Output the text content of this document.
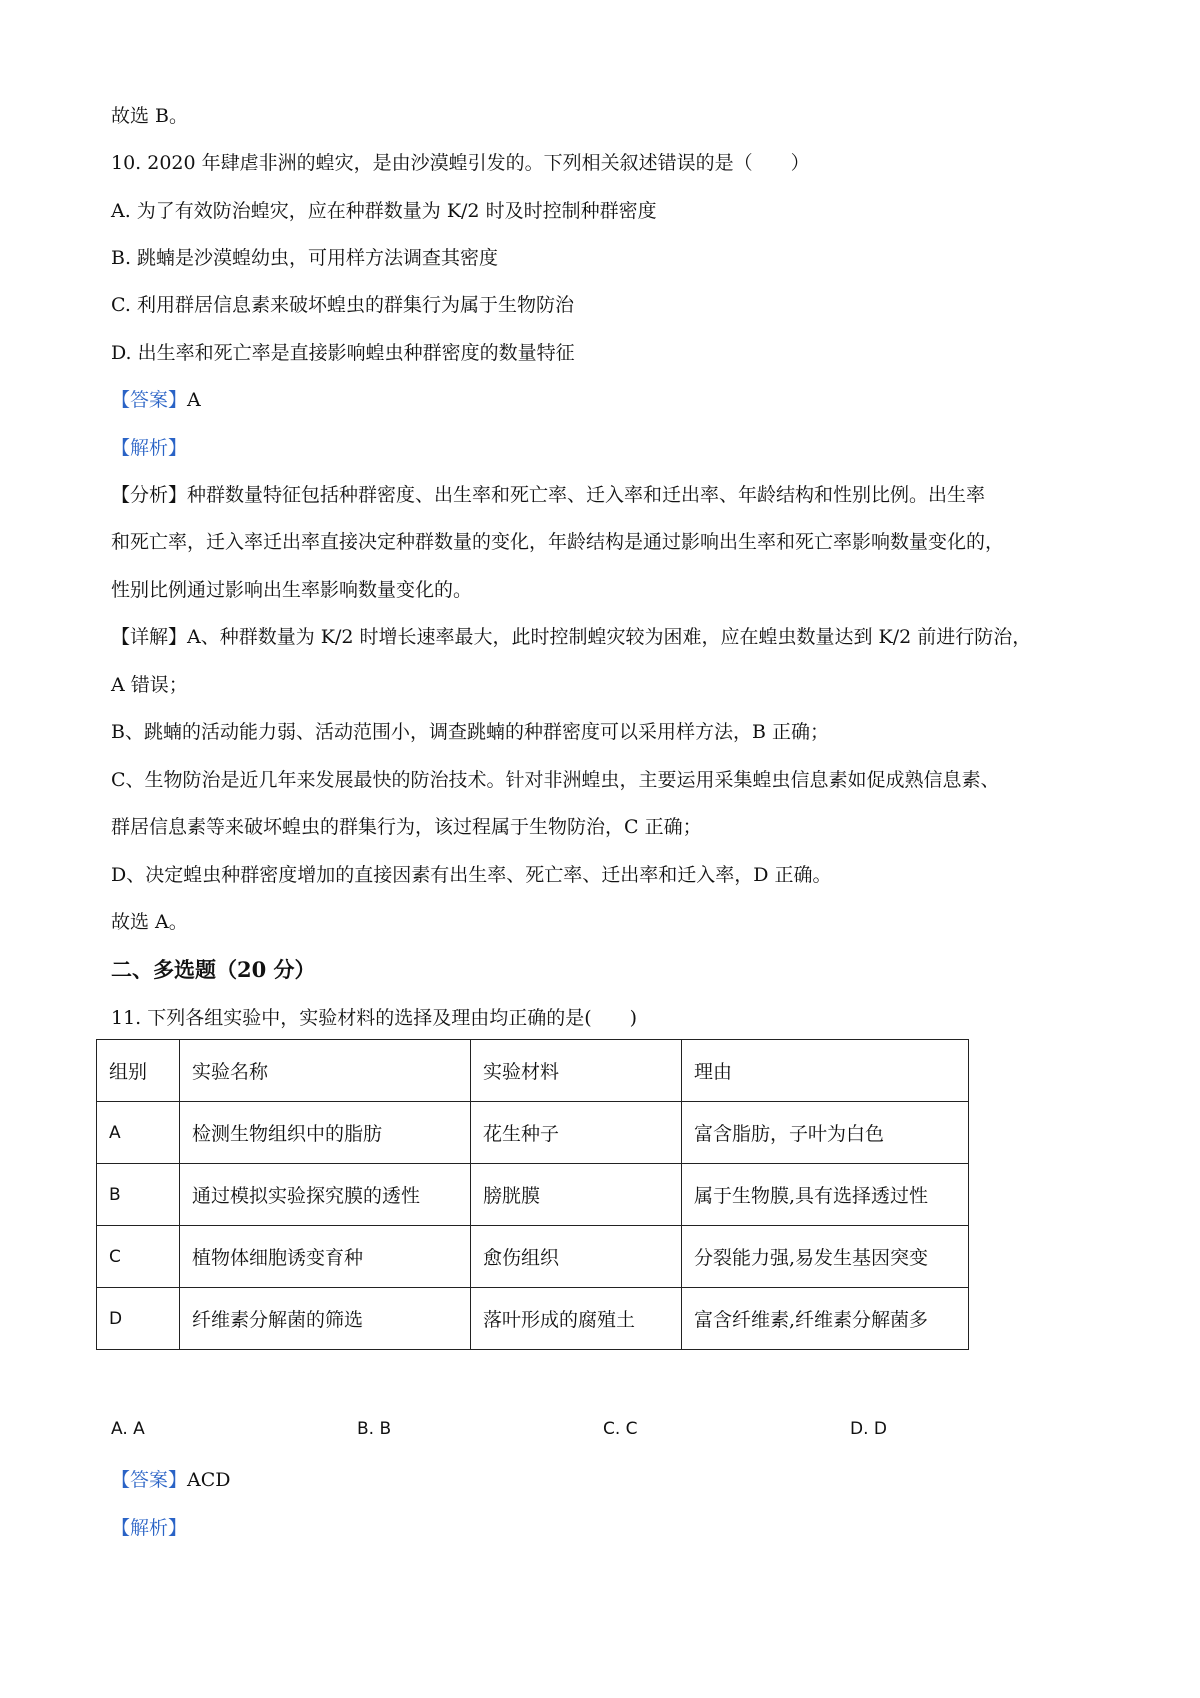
故选 B。
10. 2020 年肆虐非洲的蝗灾，是由沙漠蝗引发的。下列相关叙述错误的是（　　）
A. 为了有效防治蝗灾，应在种群数量为 K/2 时及时控制种群密度
B. 跳蝻是沙漠蝗幼虫，可用样方法调查其密度
C. 利用群居信息素来破坏蝗虫的群集行为属于生物防治
D. 出生率和死亡率是直接影响蝗虫种群密度的数量特征
【答案】A
【解析】
【分析】种群数量特征包括种群密度、出生率和死亡率、迁入率和迁出率、年龄结构和性别比例。出生率
和死亡率，迁入率迁出率直接决定种群数量的变化，年龄结构是通过影响出生率和死亡率影响数量变化的，
性别比例通过影响出生率影响数量变化的。
【详解】A、种群数量为 K/2 时增长速率最大，此时控制蝗灾较为困难，应在蝗虫数量达到 K/2 前进行防治，
A 错误；
B、跳蝻的活动能力弱、活动范围小，调查跳蝻的种群密度可以采用样方法，B 正确；
C、生物防治是近几年来发展最快的防治技术。针对非洲蝗虫，主要运用采集蝗虫信息素如促成熟信息素、
群居信息素等来破坏蝗虫的群集行为，该过程属于生物防治，C 正确；
D、决定蝗虫种群密度增加的直接因素有出生率、死亡率、迁出率和迁入率，D 正确。
故选 A。
二、多选题（20 分）
11. 下列各组实验中，实验材料的选择及理由均正确的是(　　)
组别	实验名称	实验材料	理由
A	检测生物组织中的脂肪	花生种子	富含脂肪，子叶为白色
B	通过模拟实验探究膜的透性	膀胱膜	属于生物膜,具有选择透过性
C	植物体细胞诱变育种	愈伤组织	分裂能力强,易发生基因突变
D	纤维素分解菌的筛选	落叶形成的腐殖土	富含纤维素,纤维素分解菌多
A. A	B. B	C. C	D. D
【答案】ACD
【解析】
